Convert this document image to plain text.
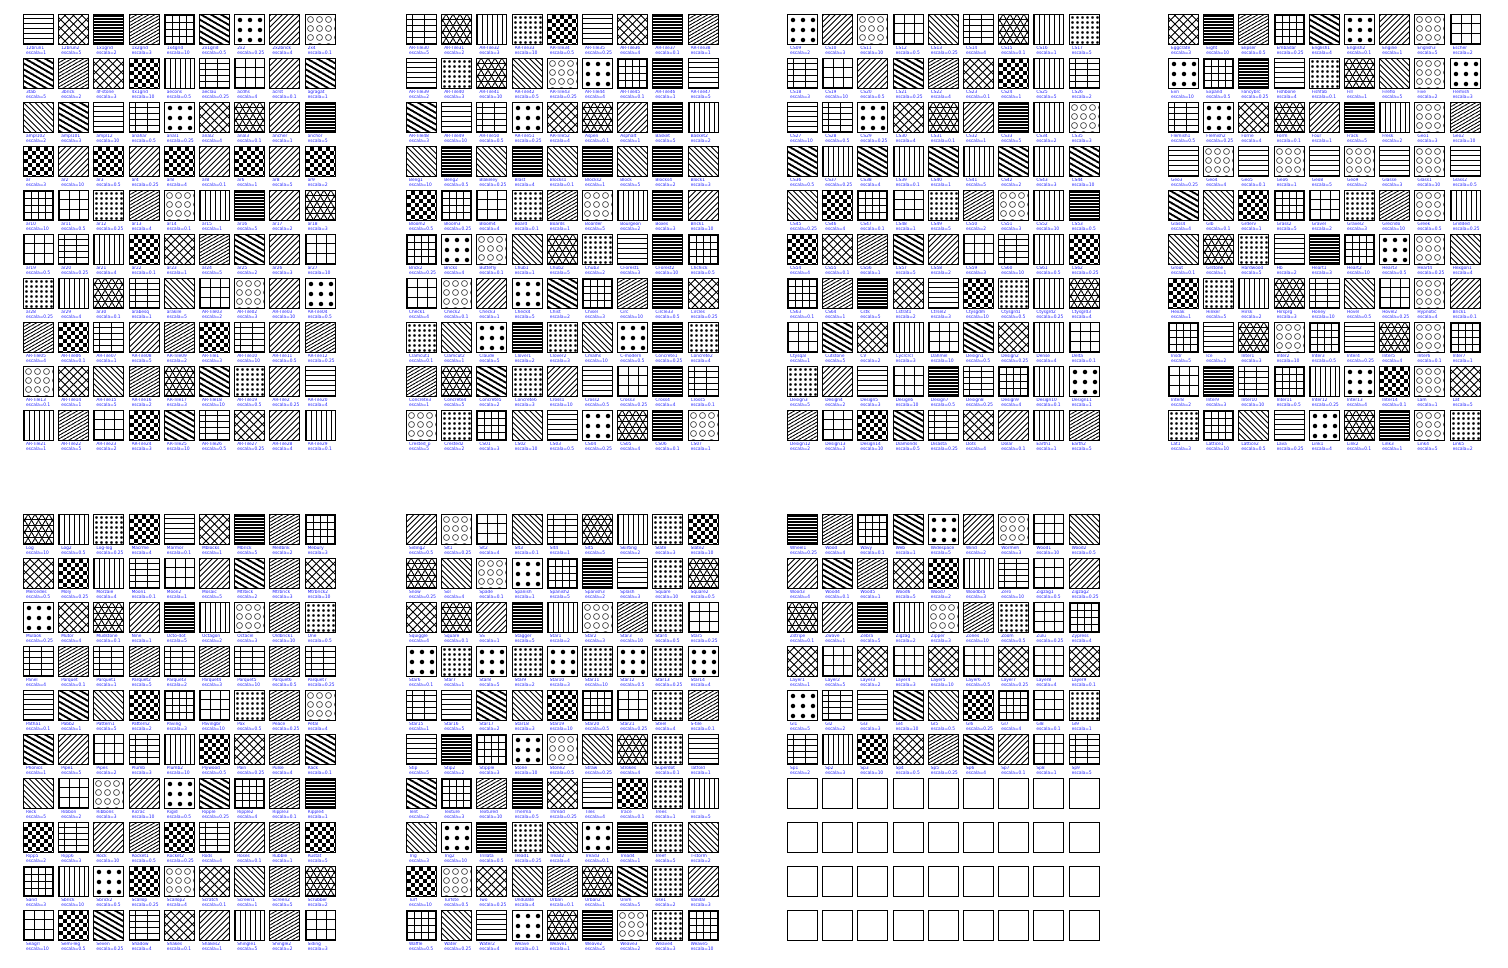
12brun1
escala=1
12brun2
escala=5
1x1grid
escala=2
1x2grid
escala=3
1x4grid
escala=10
2x1grid
escala=0.5
2x2
escala=0.25
2x2brick
escala=4
2x4
escala=0.1
3tab
escala=5
3brick
escala=2
4f-stone
escala=3
4x1grid
escala=10
aecons
escala=0.5
aeclau
escala=0.25
acdhs
escala=4
acrst
escala=0.1
agragat
escala=1
ampl102
escala=2
ampl101
escala=3
ampl12
escala=10
anahar
escala=0.5
anal1
escala=0.25
anal2
escala=4
anal3
escala=0.1
ancher
escala=1
anchor
escala=5
ar
escala=3
ar2
escala=10
ar3
escala=0.5
ar4
escala=0.25
ar8
escala=4
ar8
escala=0.1
ar6
escala=1
ar8
escala=5
ar9
escala=2
ar10
escala=10
ar11
escala=0.5
ar12
escala=0.25
ar13
escala=4
ar14
escala=0.1
ar15
escala=1
ar16
escala=5
ar17
escala=2
ar18
escala=3
ar19
escala=0.5
ar20
escala=0.25
ar21
escala=4
ar22
escala=0.1
ar23
escala=1
ar24
escala=5
ar25
escala=2
ar26
escala=3
ar27
escala=10
ar28
escala=0.25
ar29
escala=4
ar30
escala=0.1
arabesq
escala=1
arakile
escala=5
AR-Tile03
escala=2
AR-Tile02
escala=3
AR-Tile03
escala=10
AR-Tile04
escala=0.5
AR-Tile05
escala=4
AR-Tile06
escala=0.1
AR-Tile07
escala=1
AR-Tile08
escala=5
AR-Tile09
escala=2
AR-Tile1
escala=3
AR-Tile10
escala=10
AR-Tile11
escala=0.5
AR-Tile12
escala=0.25
AR-Tile13
escala=0.1
AR-Tile14
escala=1
AR-Tile15
escala=5
AR-Tile16
escala=2
AR-Tile17
escala=3
AR-Tile18
escala=10
AR-Tile19
escala=0.5
AR-Tile2
escala=0.25
AR-Tile20
escala=4
AR-Tile21
escala=1
AR-Tile22
escala=5
AR-Tile23
escala=2
AR-Tile24
escala=3
AR-Tile25
escala=10
AR-Tile26
escala=0.5
AR-Tile27
escala=0.25
AR-Tile28
escala=4
AR-Tile29
escala=0.1
AR-Tile30
escala=5
AR-Tile31
escala=2
AR-Tile32
escala=3
AR-Tile33
escala=10
AR-Tile34
escala=0.5
AR-Tile35
escala=0.25
AR-Tile36
escala=4
AR-Tile37
escala=0.1
AR-Tile38
escala=1
AR-Tile39
escala=2
AR-Tile40
escala=3
AR-Tile41
escala=10
AR-Tile42
escala=0.5
AR-Tile43
escala=0.25
AR-Tile44
escala=4
AR-Tile45
escala=0.1
AR-Tile46
escala=1
AR-Tile47
escala=5
AR-Tile48
escala=3
AR-Tile49
escala=10
AR-Tile50
escala=0.5
AR-Tile51
escala=0.25
AR-Tile52
escala=4
Aspen
escala=0.1
Asphalt
escala=1
Basket
escala=5
Basket2
escala=2
Beng1
escala=10
Beng2
escala=0.5
Blakeley
escala=0.25
Blast
escala=4
Blocks1
escala=0.1
Blocks2
escala=1
Block
escala=5
Blocks4
escala=2
Block1
escala=3
Bloom2
escala=0.5
Bloom3
escala=0.25
Bloom4
escala=4
Board
escala=0.1
Boards
escala=1
Boarder
escala=5
Bourgeon
escala=2
Boxes
escala=3
Brick1
escala=10
Brick2
escala=0.25
Bricks
escala=4
Buttefly
escala=0.1
Chub1
escala=1
Chub2
escala=5
Chub3
escala=2
CForest1
escala=3
CForest2
escala=10
Chchick
escala=0.5
Check1
escala=4
Check2
escala=0.1
Check3
escala=1
Check4
escala=5
Chist
escala=2
Chisel
escala=3
Circ
escala=10
Circle33
escala=0.5
Circles
escala=0.25
Clamcut1
escala=0.1
Clamcut2
escala=1
Claude
escala=5
Clover1
escala=2
Clover2
escala=3
Cmalhs
escala=10
C-modern
escala=0.5
Concrete1
escala=0.25
Concrete2
escala=4
Concrete3
escala=1
Concrete4
escala=5
Concrete5
escala=2
Concrete6
escala=3
Cross1
escala=10
Cross2
escala=0.5
Cross3
escala=0.25
Cross4
escala=4
Cross5
escala=0.1
Crested_p
escala=5
Crested2
escala=2
CS01
escala=3
CS02
escala=10
CS03
escala=0.5
CS04
escala=0.25
CS05
escala=4
CS06
escala=0.1
CS07
escala=1
CS09
escala=2
CS10
escala=3
CS11
escala=10
CS12
escala=0.5
CS13
escala=0.25
CS14
escala=4
CS15
escala=0.1
CS16
escala=1
CS17
escala=5
CS18
escala=3
CS19
escala=10
CS20
escala=0.5
CS21
escala=0.25
CS22
escala=4
CS23
escala=0.1
CS24
escala=1
CS25
escala=5
CS26
escala=2
CS27
escala=10
CS28
escala=0.5
CS29
escala=0.25
CS30
escala=4
CS31
escala=0.1
CS32
escala=1
CS33
escala=5
CS34
escala=2
CS35
escala=3
CS36
escala=0.5
CS37
escala=0.25
CS38
escala=4
CS39
escala=0.1
CS40
escala=1
CS41
escala=5
CS42
escala=2
CS43
escala=3
CS44
escala=10
CS45
escala=0.25
CS46
escala=4
CS47
escala=0.1
CS48
escala=1
CS49
escala=5
CS50
escala=2
CS51
escala=3
CS52
escala=10
CS53
escala=0.5
CS54
escala=4
CS55
escala=0.1
CS56
escala=1
CS57
escala=5
CS58
escala=2
CS59
escala=3
CS60
escala=10
CS61
escala=0.5
CS62
escala=0.25
CS63
escala=0.1
CS64
escala=1
Cstk
escala=5
Cstrat1
escala=2
Ctrsel2
escala=3
Ctysgdm
escala=10
Ctysgrd1
escala=0.5
Ctysgrd2
escala=0.25
Ctysgrd3
escala=4
Ctysqal
escala=1
Cutstone
escala=5
CV
escala=2
Cycrcrcl
escala=3
Dahmel
escala=10
Design1
escala=0.5
Design2
escala=0.25
Dense
escala=4
Delta
escala=0.1
Design3
escala=5
Design4
escala=2
Design5
escala=3
Design6
escala=10
Design7
escala=0.5
Design8
escala=0.25
Design9
escala=4
Design10
escala=0.1
Design11
escala=1
Design12
escala=2
Design13
escala=3
Design14
escala=10
Diamonds
escala=0.5
Disasta
escala=0.25
Dots
escala=4
Dolar
escala=0.1
Earth1
escala=1
Earth2
escala=5
Eggcrate
escala=3
Eight
escala=10
Elipser
escala=0.5
Embadar
escala=0.25
English1
escala=4
English2
escala=0.1
Engine
escala=1
English3
escala=5
Escher
escala=2
Evn
escala=10
Expand
escala=0.5
Fancybrc
escala=0.25
Fishbone
escala=4
Fishfab
escala=0.1
Fill
escala=1
Fireflo
escala=5
Five
escala=2
Flemish
escala=3
Flemish1
escala=0.5
Flemish2
escala=0.25
Forrie
escala=4
Form
escala=0.1
Four
escala=1
Frack
escala=5
Fresk
escala=2
Geo1
escala=3
Geo2
escala=10
Geo3
escala=0.25
Geo4
escala=4
Geo5
escala=0.1
Geo6
escala=1
Geo8
escala=5
Geo9
escala=2
Glasse
escala=3
Glass1
escala=10
Glass2
escala=0.5
Glass4
escala=4
Glb
escala=0.1
Grderv
escala=1
Grass2
escala=5
Gravel
escala=2
Gravel2
escala=3
Grecndo
escala=10
Greek
escala=0.5
Gridded
escala=0.25
Grout
escala=0.1
Grstone
escala=1
Hardwood
escala=5
Hb
escala=2
Heart1
escala=3
Heart2
escala=10
Heart3
escala=0.5
Heart4
escala=0.25
Hexgon1
escala=4
Hexak
escala=1
Hinker
escala=5
Hirsk
escala=2
Hirsprg
escala=3
Honey
escala=10
Hovel
escala=0.5
Hovel2
escala=0.25
Hypnotic
escala=4
Brick1
escala=0.1
Insdr
escala=5
Ice
escala=2
Inter1
escala=3
Inter2
escala=10
Inter3
escala=0.5
Inter4
escala=0.25
Inter5
escala=4
Inter6
escala=0.1
Inter7
escala=1
Inter8
escala=2
Inter9
escala=3
Inter10
escala=10
Inter11
escala=0.5
Inter12
escala=0.25
Inter13
escala=4
Inter14
escala=0.1
Lam
escala=1
Lat
escala=5
Lat1
escala=3
Lattice1
escala=10
Lattice2
escala=0.5
Lava
escala=0.25
Link1
escala=4
Link2
escala=0.1
Link3
escala=1
Link4
escala=5
Link5
escala=2
Log
escala=10
Log2
escala=0.5
Log-log
escala=0.25
Macrme
escala=4
Marmor
escala=0.1
Mblocks
escala=1
Mbrick
escala=5
Medbrik
escala=2
Mebury
escala=3
Mercedes
escala=0.5
Moly
escala=0.25
Morzaie
escala=4
Moon1
escala=0.1
Moon2
escala=1
Mosaic
escala=5
Mtrbick
escala=2
Mtrbrick
escala=3
Mtrbrick2
escala=10
Mulaok
escala=0.25
Mutor
escala=4
Mudstone
escala=0.1
Nine
escala=1
Octo-dot
escala=5
Octagon
escala=2
Octacel
escala=3
Oldbrick1
escala=10
One
escala=0.5
Panel
escala=4
Parquet
escala=0.1
Parquet1
escala=1
Parquet2
escala=5
Parquet3
escala=2
Parquet4
escala=3
Parquet5
escala=10
Parquet6
escala=0.5
Parquet7
escala=0.25
Patha1
escala=0.1
Pabb2
escala=1
Pattern1
escala=5
Pattern2
escala=2
Paving
escala=3
Pavingbr
escala=10
Pax
escala=0.5
Peace
escala=0.25
Petal
escala=4
Phonics
escala=1
Pipe1
escala=5
Pipes
escala=2
Plumb
escala=3
Plumb2
escala=10
Plywood
escala=0.5
Pain
escala=0.25
Pulse
escala=4
Rack
escala=0.1
Reck
escala=5
Ribbon
escala=2
Ribbons
escala=3
Ricrac
escala=10
Rigid
escala=0.5
Ripple
escala=0.25
Ripple2
escala=4
Ripple3
escala=0.1
Ripple4
escala=1
Ripp5
escala=2
Ripp6
escala=3
Rock
escala=10
Rocket1
escala=0.5
Rocket2
escala=0.25
Rods
escala=4
Roses
escala=0.1
Rubble
escala=1
Rustat
escala=5
Sand
escala=3
Sbrick
escala=10
Sbrick2
escala=0.5
Scallop
escala=0.25
Scallop2
escala=4
Scratch
escala=0.1
Screen1
escala=1
Screen2
escala=5
Scrubber
escala=2
Seagrl
escala=10
Semi-leg
escala=0.5
Seven
escala=0.25
Shadow
escala=4
Shakes
escala=0.1
Shakes2
escala=1
Shingle1
escala=5
Shingle2
escala=2
Siding
escala=3
Siding2
escala=0.5
Slt1
escala=0.25
Slt2
escala=4
Slt3
escala=0.1
Slt4
escala=1
Slt5
escala=5
Skirting
escala=2
Slate
escala=3
Slate2
escala=10
Snow
escala=0.25
Sol
escala=4
Spade
escala=0.1
Spanish
escala=1
Spanish2
escala=5
Spanish3
escala=2
Splash
escala=3
Square
escala=10
Square2
escala=0.5
Squiggle
escala=4
Square
escala=0.1
SS
escala=1
Stagger
escala=5
Star1
escala=2
Star2
escala=3
Star3
escala=10
Star4
escala=0.5
Star5
escala=0.25
Star6
escala=0.1
Star7
escala=1
Star8
escala=5
Star9
escala=2
Star10
escala=3
Star11
escala=10
Star12
escala=0.5
Star13
escala=0.25
Star14
escala=4
Star15
escala=1
Star16
escala=5
Star17
escala=2
Star18
escala=3
Star19
escala=10
Star20
escala=0.5
Star21
escala=0.25
Steel
escala=4
S-tile
escala=0.1
Stip
escala=5
Stip2
escala=2
Stipple
escala=3
Stone
escala=10
Stone2
escala=0.5
Straw
escala=0.25
Strokes
escala=4
Superdot
escala=0.1
Tatfold
escala=1
Tent
escala=2
Texture
escala=3
Textured
escala=10
Therma
escala=0.5
Thread
escala=0.25
Tiles
escala=4
Trace
escala=0.1
Trees
escala=1
Tri
escala=5
Trig
escala=3
Trig2
escala=10
Trillata
escala=0.5
Tread1
escala=0.25
Tread2
escala=4
Tread3
escala=0.1
Tread4
escala=1
Treef
escala=5
T-storm
escala=2
Turf
escala=10
Turfste
escala=0.5
Two
escala=0.25
Undulate
escala=4
Urban
escala=0.1
Urban2
escala=1
Unim
escala=5
Use1
escala=2
Vandal
escala=3
Waffle
escala=0.5
Water
escala=0.25
Water2
escala=4
Weave
escala=0.1
Weave1
escala=1
Weave2
escala=5
Weave3
escala=2
Weave4
escala=3
Weave5
escala=10
Wheel1
escala=0.25
Wood
escala=4
Wavy
escala=0.1
Web
escala=1
Widespace
escala=5
Wind
escala=2
Wormeh
escala=3
Wood1
escala=10
Wood2
escala=0.5
Wood3
escala=4
Wood4
escala=0.1
Wood5
escala=1
Wood6
escala=5
Wood7
escala=2
Woodbra
escala=3
Zero
escala=10
Zigzag1
escala=0.5
Zigzag2
escala=0.25
Zstripe
escala=0.1
Zwave
escala=1
Zebra
escala=5
Zigzag
escala=2
Zipper
escala=3
Zones
escala=10
Zoom
escala=0.5
Zulu
escala=0.25
Zypress
escala=4
Layer1
escala=1
Layer2
escala=5
Layer3
escala=2
Layer4
escala=3
Layer5
escala=10
Layer6
escala=0.5
Layer7
escala=0.25
Layer8
escala=4
Layer9
escala=0.1
Gl1
escala=5
Gl2
escala=2
Gl3
escala=3
Gl4
escala=10
Gl5
escala=0.5
Gl6
escala=0.25
Gl7
escala=4
Gl8
escala=0.1
Gl9
escala=1
Sp1
escala=2
Sp2
escala=3
Sp3
escala=10
Sp4
escala=0.5
Sp5
escala=0.25
Sp6
escala=4
Sp7
escala=0.1
Sp8
escala=1
Sp9
escala=5
